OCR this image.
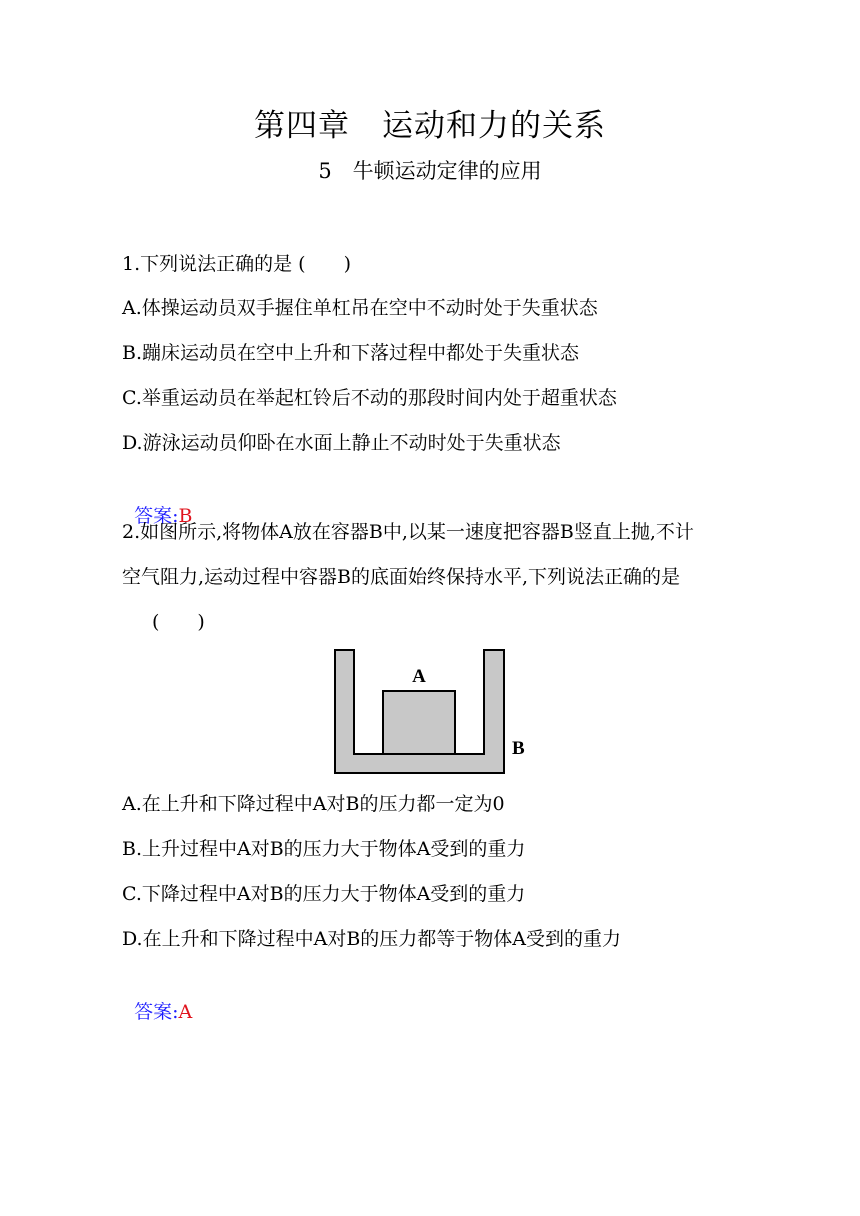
第四章　运动和力的关系
5　牛顿运动定律的应用
1.下列说法正确的是 (　　)
A.体操运动员双手握住单杠吊在空中不动时处于失重状态
B.蹦床运动员在空中上升和下落过程中都处于失重状态
C.举重运动员在举起杠铃后不动的那段时间内处于超重状态
D.游泳运动员仰卧在水面上静止不动时处于失重状态

答案:B

2.如图所示,将物体A放在容器B中,以某一速度把容器B竖直上抛,不计
空气阻力,运动过程中容器B的底面始终保持水平,下列说法正确的是
(　　)
A
B
A.在上升和下降过程中A对B的压力都一定为0
B.上升过程中A对B的压力大于物体A受到的重力
C.下降过程中A对B的压力大于物体A受到的重力
D.在上升和下降过程中A对B的压力都等于物体A受到的重力

答案:A
